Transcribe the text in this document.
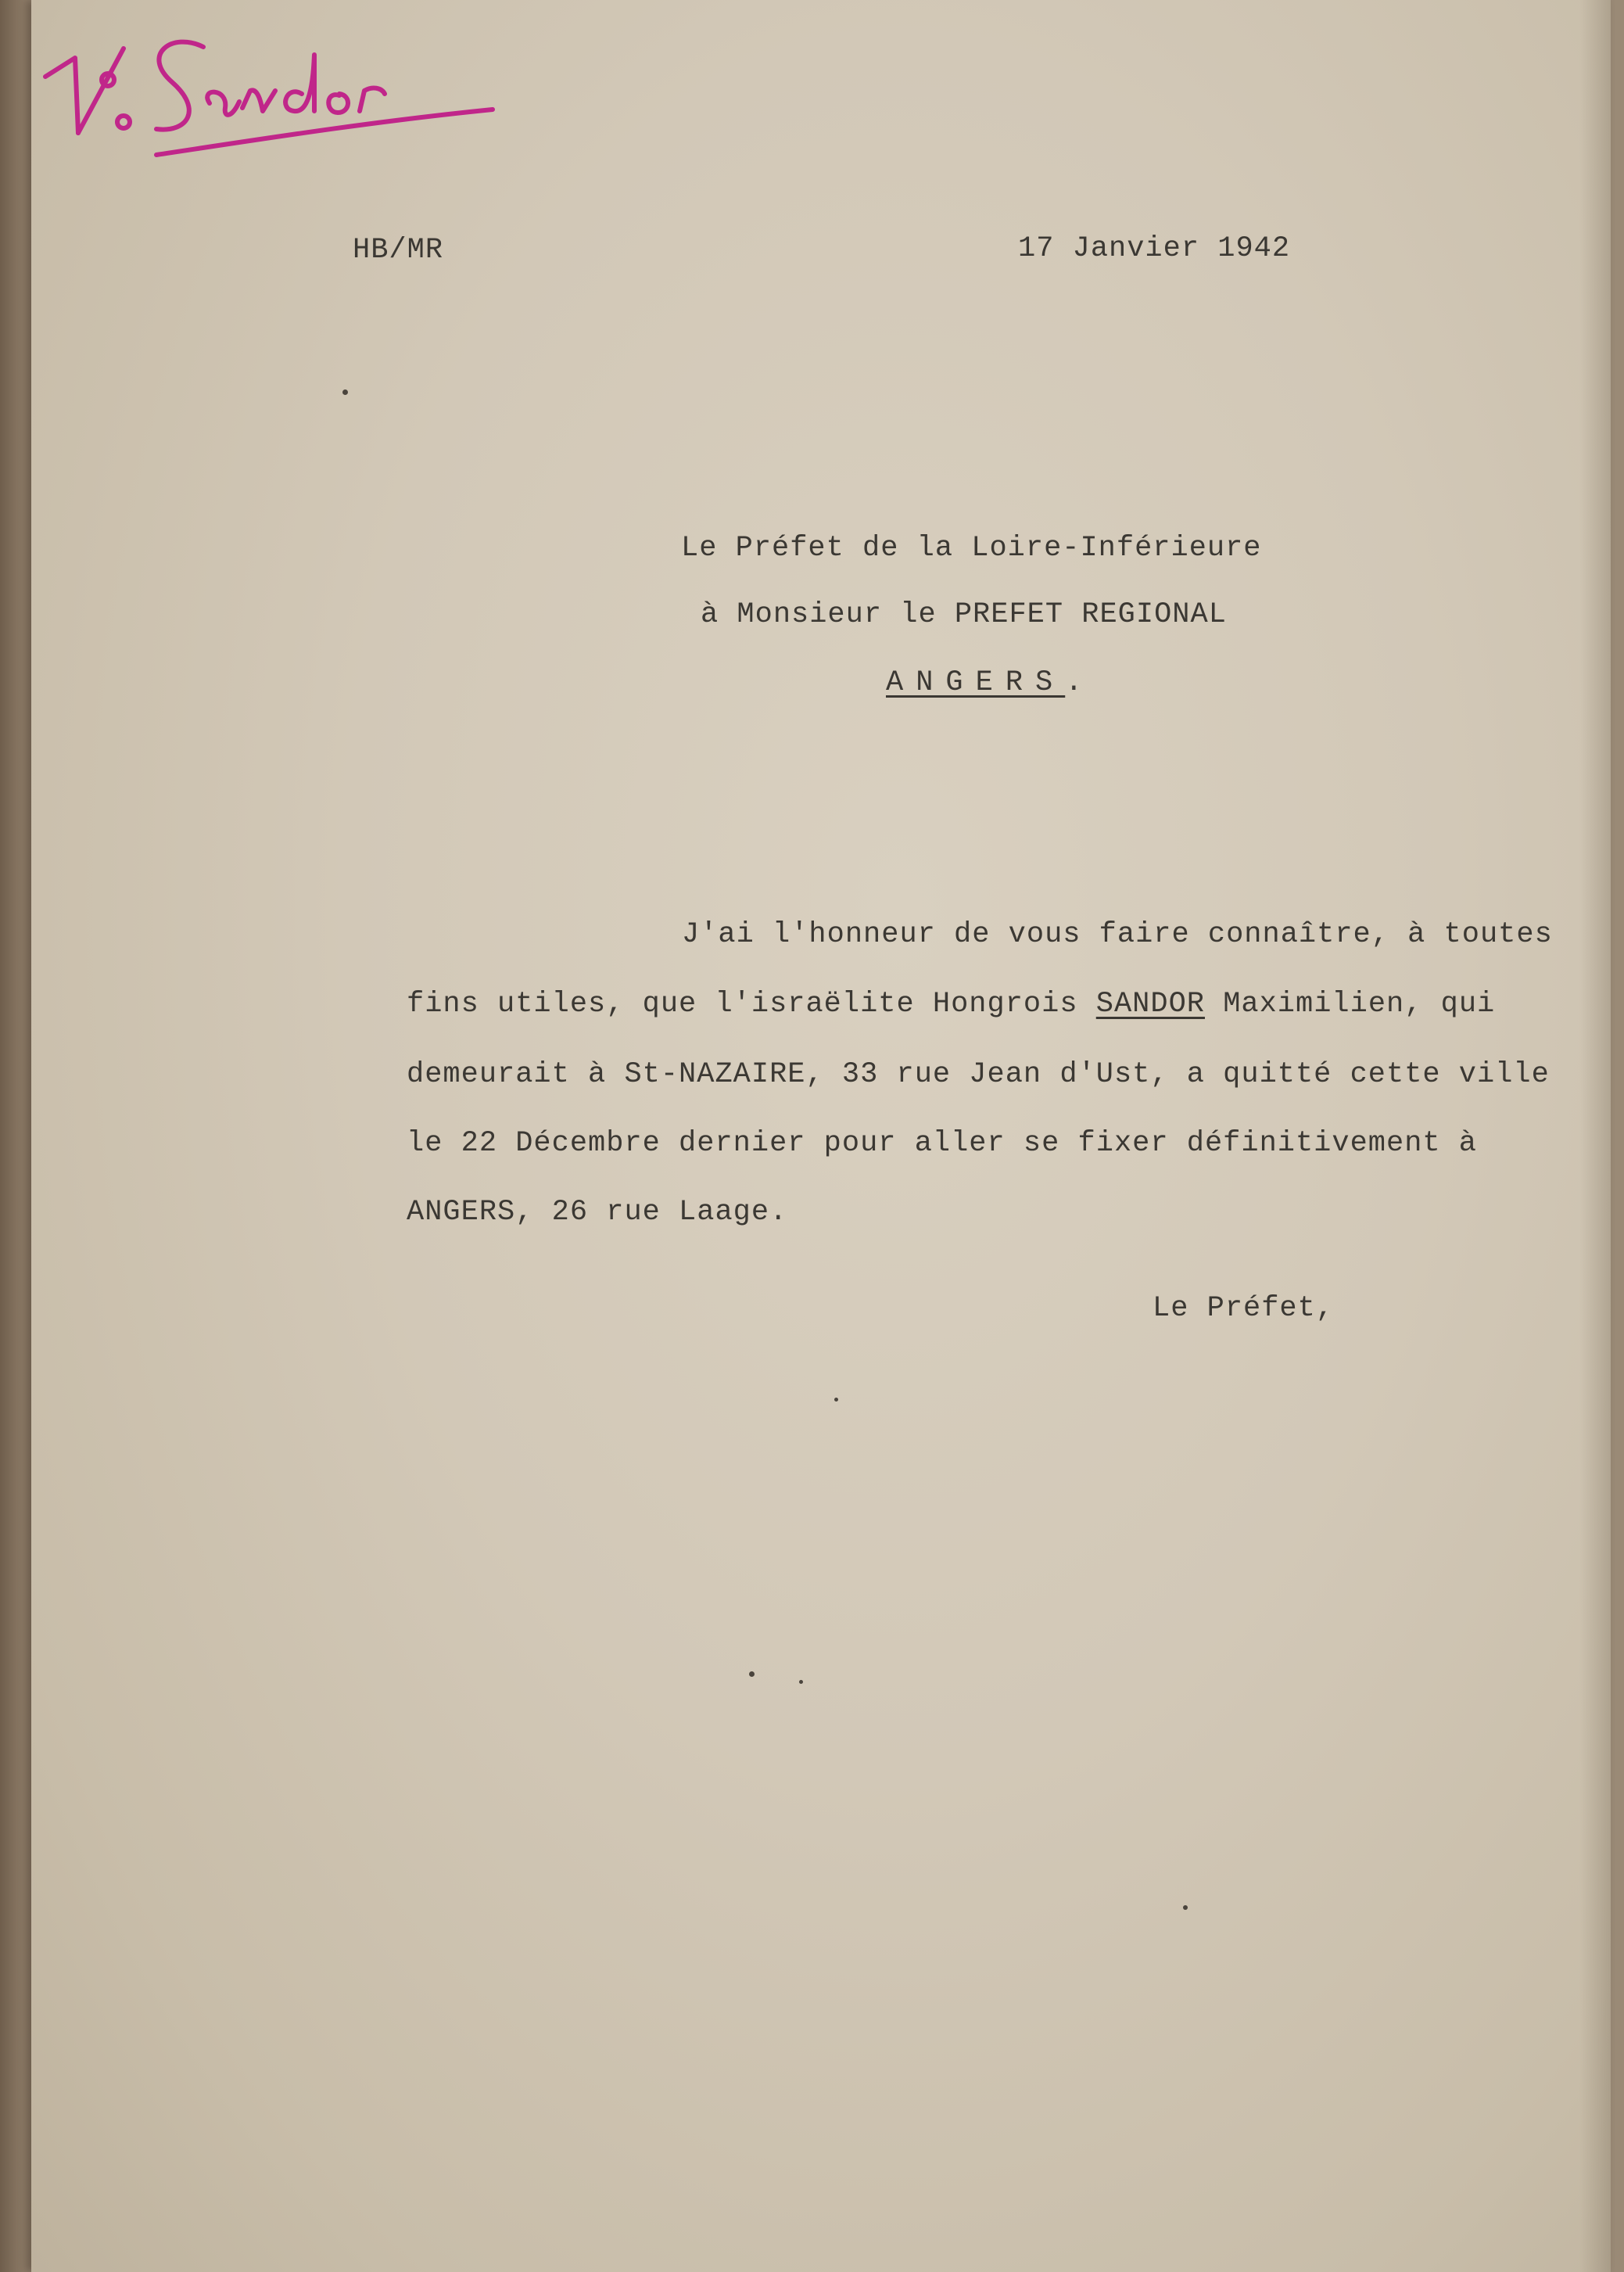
HB/MR	17 Janvier 1942
Le Préfet de la Loire-Inférieure
à Monsieur le PREFET REGIONAL
ANGERS.
J'ai l'honneur de vous faire connaître, à toutes
fins utiles, que l'israëlite Hongrois SANDOR Maximilien, qui
demeurait à St-NAZAIRE, 33 rue Jean d'Ust, a quitté cette ville
le 22 Décembre dernier pour aller se fixer définitivement à
ANGERS, 26 rue Laage.
Le Préfet,
